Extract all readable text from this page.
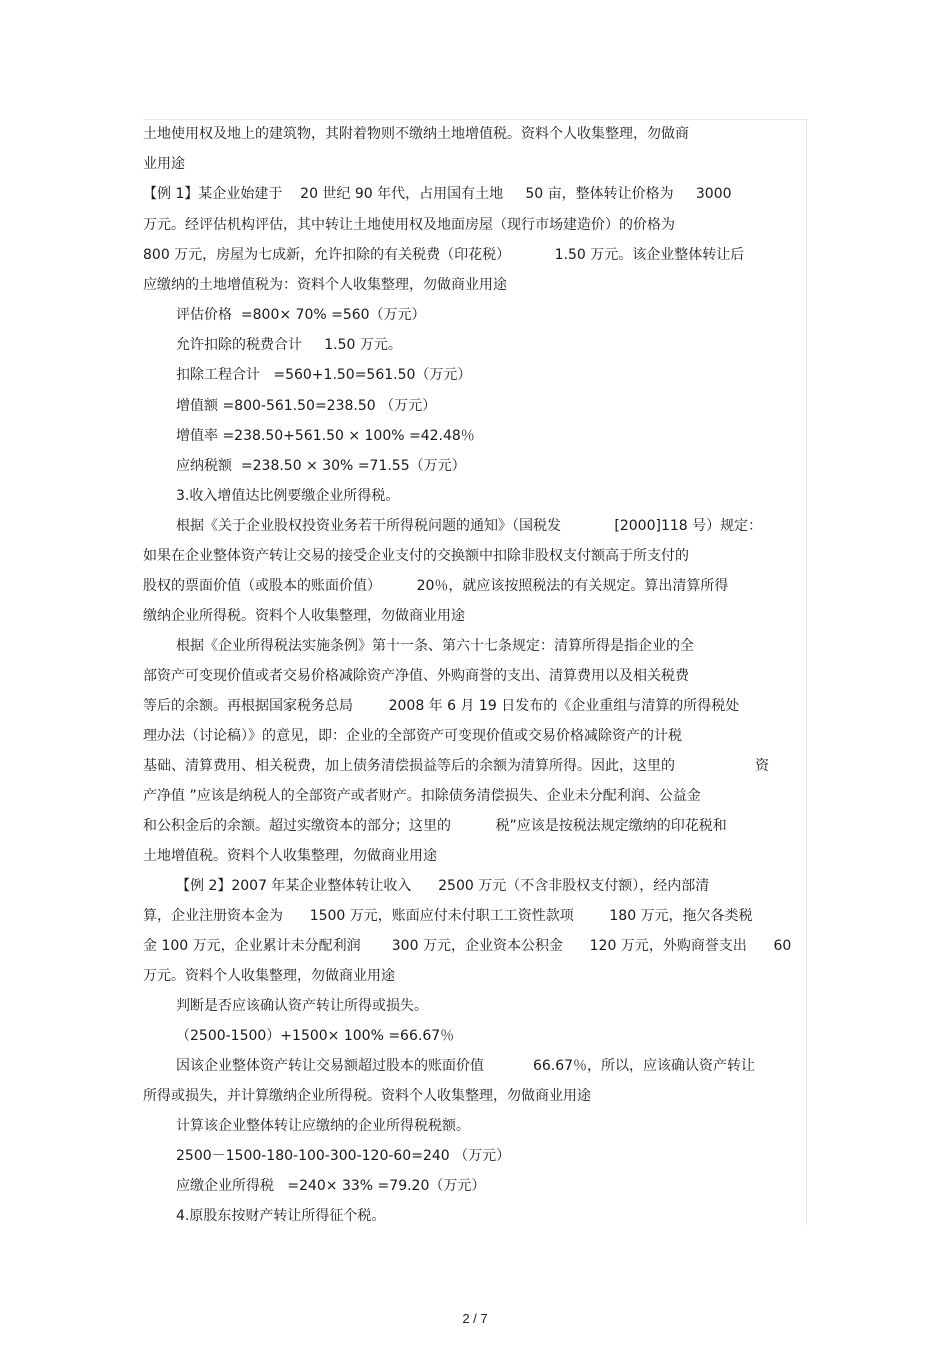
土地使用权及地上的建筑物，其附着物则不缴纳土地增值税。资料个人收集整理，勿做商
业用途
【例 1】某企业始建于    20 世纪 90 年代，占用国有土地     50 亩，整体转让价格为     3000
万元。经评估机构评估，其中转让土地使用权及地面房屋（现行市场建造价）的价格为
800 万元，房屋为七成新，允许扣除的有关税费（印花税）          1.50 万元。该企业整体转让后
应缴纳的土地增值税为：资料个人收集整理，勿做商业用途
评估价格  =800× 70% =560（万元）
允许扣除的税费合计     1.50 万元。
扣除工程合计   =560+1.50=561.50（万元）
增值额 =800-561.50=238.50 （万元）
增值率 =238.50+561.50 × 100% =42.48％
应纳税额  =238.50 × 30% =71.55（万元）
3.收入增值达比例要缴企业所得税。
根据《关于企业股权投资业务若干所得税问题的通知》（国税发            [2000]118 号）规定：
如果在企业整体资产转让交易的接受企业支付的交换额中扣除非股权支付额高于所支付的
股权的票面价值（或股本的账面价值）        20％，就应该按照税法的有关规定。算出清算所得
缴纳企业所得税。资料个人收集整理，勿做商业用途
根据《企业所得税法实施条例》第十一条、第六十七条规定：清算所得是指企业的全
部资产可变现价值或者交易价格减除资产净值、外购商誉的支出、清算费用以及相关税费
等后的余额。再根据国家税务总局        2008 年 6 月 19 日发布的《企业重组与清算的所得税处
理办法（讨论稿）》的意见，即：企业的全部资产可变现价值或交易价格减除资产的计税
基础、清算费用、相关税费，加上债务清偿损益等后的余额为清算所得。因此，这里的                  资
产净值 ”应该是纳税人的全部资产或者财产。扣除债务清偿损失、企业未分配利润、公益金
和公积金后的余额。超过实缴资本的部分；这里的          税”应该是按税法规定缴纳的印花税和
土地增值税。资料个人收集整理，勿做商业用途
【例 2】2007 年某企业整体转让收入      2500 万元（不含非股权支付额），经内部清
算，企业注册资本金为      1500 万元，账面应付未付职工工资性款项        180 万元，拖欠各类税
金 100 万元，企业累计未分配利润       300 万元，企业资本公积金      120 万元，外购商誉支出      60
万元。资料个人收集整理，勿做商业用途
判断是否应该确认资产转让所得或损失。
（2500-1500）+1500× 100% =66.67％
因该企业整体资产转让交易额超过股本的账面价值           66.67％，所以，应该确认资产转让
所得或损失，并计算缴纳企业所得税。资料个人收集整理，勿做商业用途
计算该企业整体转让应缴纳的企业所得税税额。
2500－1500-180-100-300-120-60=240 （万元）
应缴企业所得税   =240× 33% =79.20（万元）
4.原股东按财产转让所得征个税。
2 / 7
